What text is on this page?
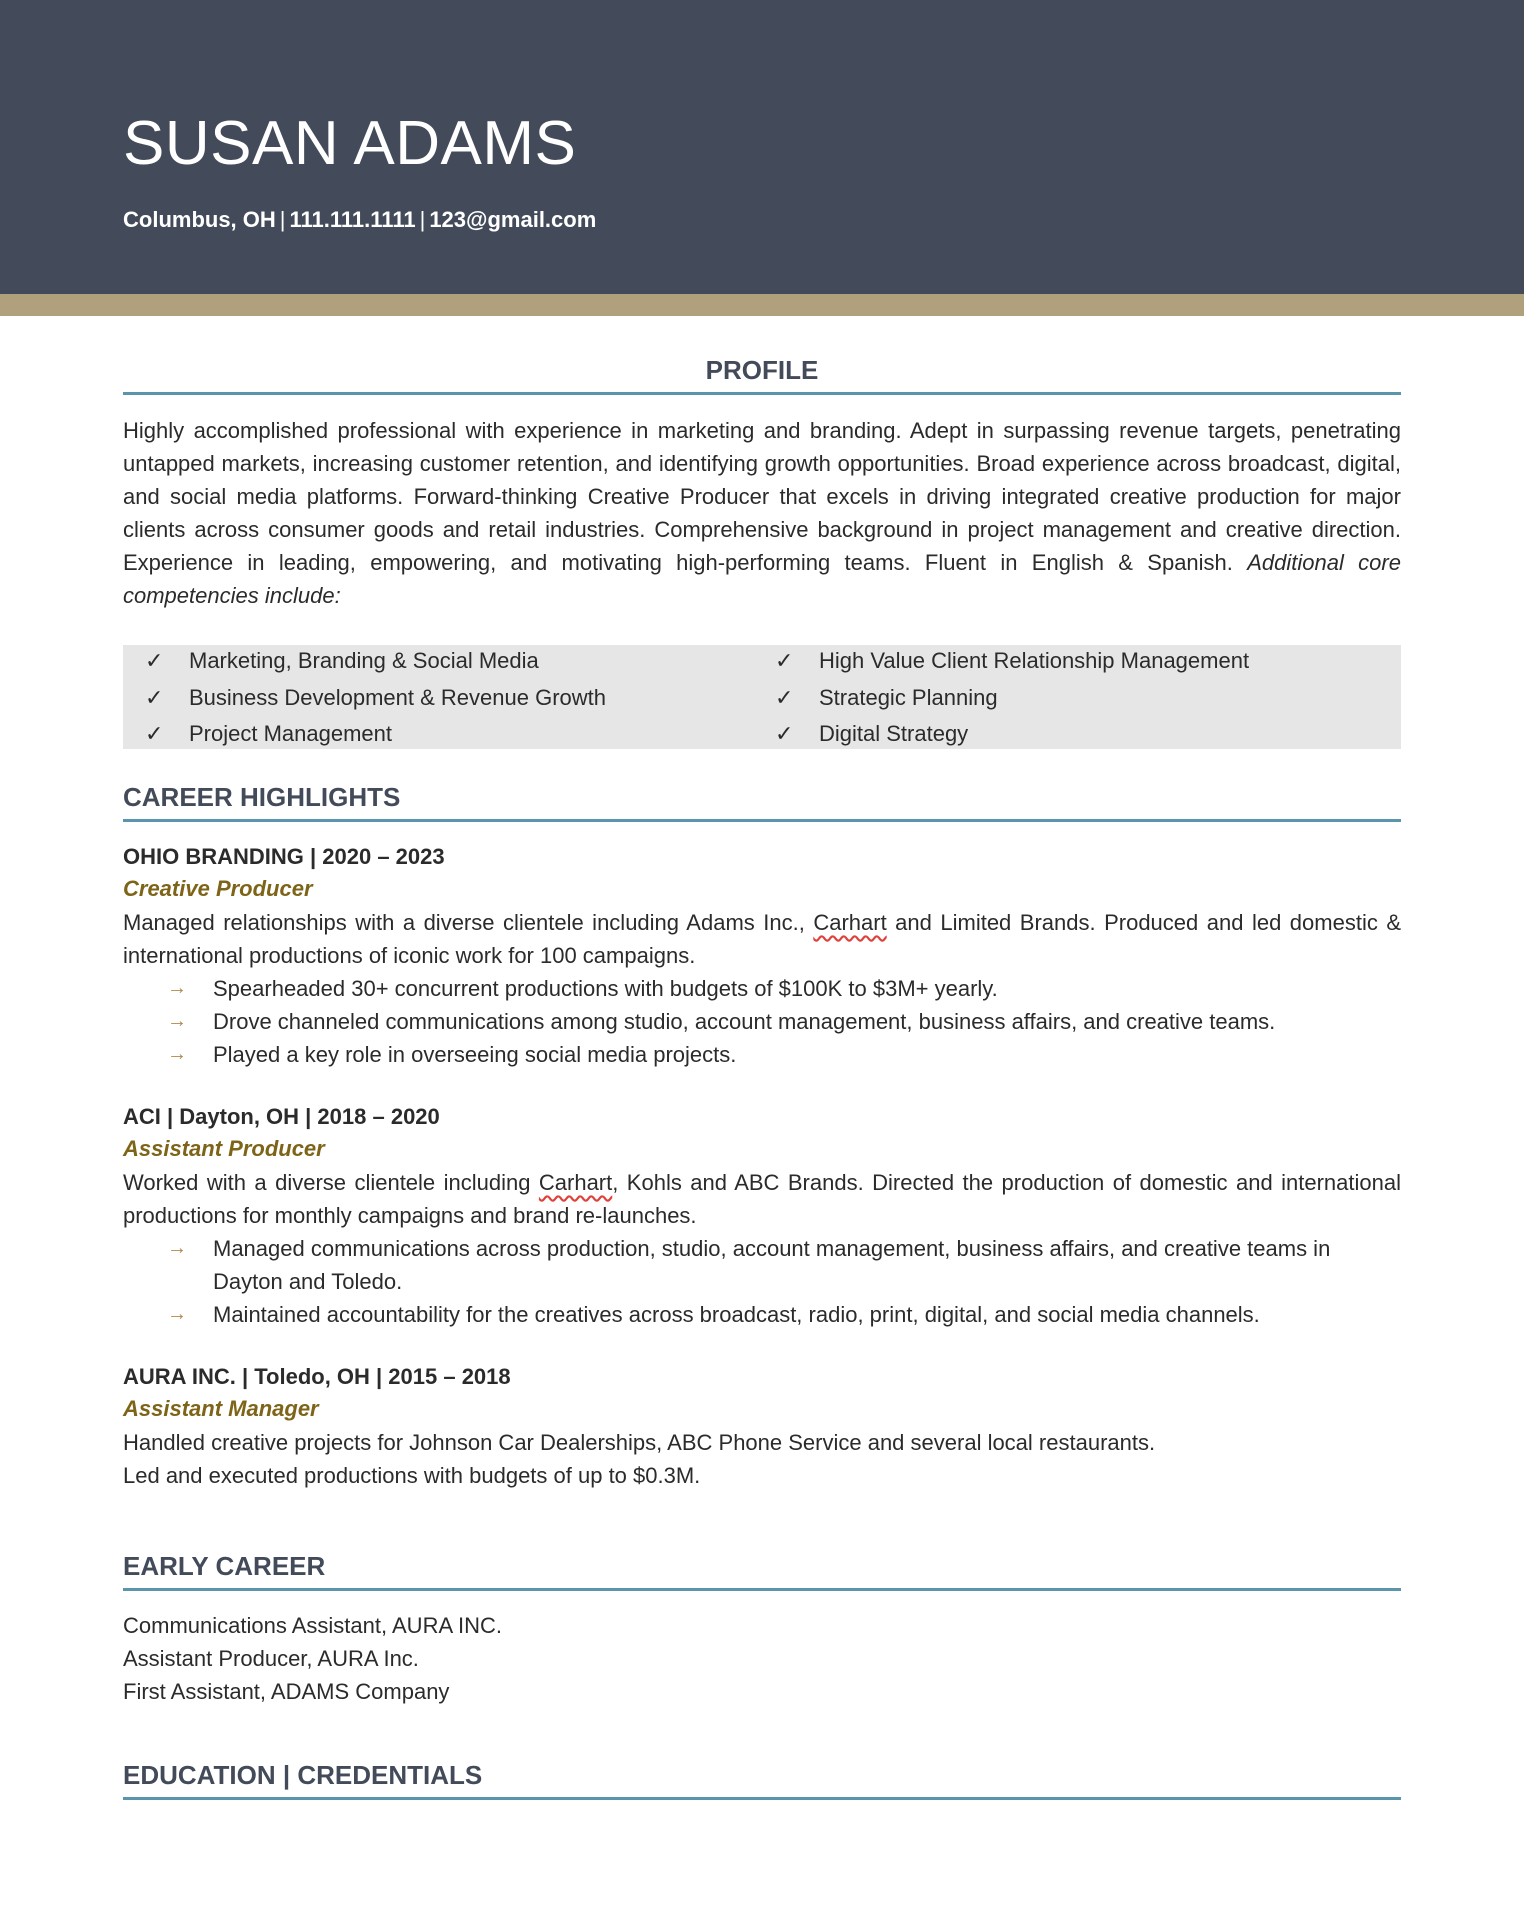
SUSAN ADAMS
Columbus, OH | 111.111.1111 | 123@gmail.com
PROFILE

Highly accomplished professional with experience in marketing and branding. Adept in surpassing revenue targets, penetrating untapped markets, increasing customer retention, and identifying growth opportunities. Broad experience across broadcast, digital, and social media platforms. Forward-thinking Creative Producer that excels in driving integrated creative production for major clients across consumer goods and retail industries. Comprehensive background in project management and creative direction. Experience in leading, empowering, and motivating high-performing teams. Fluent in English & Spanish. Additional core competencies include:

✓ Marketing, Branding & Social Media
✓ Business Development & Revenue Growth
✓ Project Management
✓ High Value Client Relationship Management
✓ Strategic Planning
✓ Digital Strategy
CAREER HIGHLIGHTS

OHIO BRANDING | 2020 – 2023

Creative Producer

Managed relationships with a diverse clientele including Adams Inc., Carhart and Limited Brands. Produced and led domestic & international productions of iconic work for 100 campaigns.

→ Spearheaded 30+ concurrent productions with budgets of $100K to $3M+ yearly.
→ Drove channeled communications among studio, account management, business affairs, and creative teams.
→ Played a key role in overseeing social media projects.

ACI | Dayton, OH | 2018 – 2020

Assistant Producer

Worked with a diverse clientele including Carhart, Kohls and ABC Brands. Directed the production of domestic and international productions for monthly campaigns and brand re-launches.

→ Managed communications across production, studio, account management, business affairs, and creative teams in Dayton and Toledo.
→ Maintained accountability for the creatives across broadcast, radio, print, digital, and social media channels.

AURA INC. | Toledo, OH | 2015 – 2018

Assistant Manager

Handled creative projects for Johnson Car Dealerships, ABC Phone Service and several local restaurants.

Led and executed productions with budgets of up to $0.3M.

EARLY CAREER

Communications Assistant, AURA INC.

Assistant Producer, AURA Inc.

First Assistant, ADAMS Company

EDUCATION | CREDENTIALS
